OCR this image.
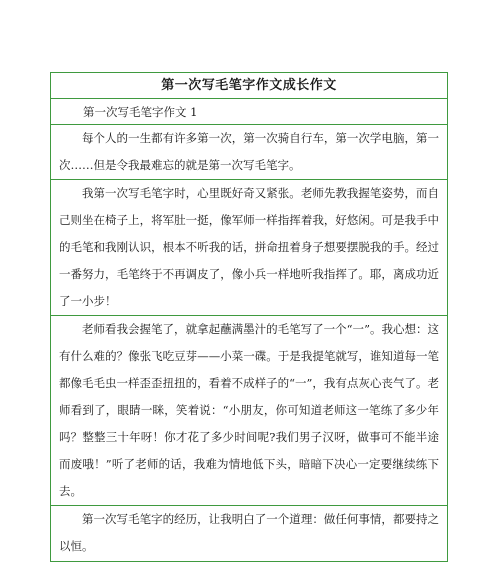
第一次写毛笔字作文成长作文
第一次写毛笔字作文 1
每个人的一生都有许多第一次，第一次骑自行车，第一次学电脑，第一次……但是令我最难忘的就是第一次写毛笔字。
我第一次写毛笔字时，心里既好奇又紧张。老师先教我握笔姿势，而自己则坐在椅子上，将军肚一挺，像军师一样指挥着我，好悠闲。可是我手中的毛笔和我刚认识，根本不听我的话，拼命扭着身子想要摆脱我的手。经过一番努力，毛笔终于不再调皮了，像小兵一样地听我指挥了。耶，离成功近了一小步！
老师看我会握笔了，就拿起蘸满墨汁的毛笔写了一个“一”。我心想：这有什么难的？像张飞吃豆芽——小菜一碟。于是我提笔就写，谁知道每一笔都像毛毛虫一样歪歪扭扭的，看着不成样子的“一”，我有点灰心丧气了。老师看到了，眼睛一眯，笑着说：“小朋友，你可知道老师这一笔练了多少年吗？整整三十年呀！你才花了多少时间呢?我们男子汉呀，做事可不能半途而废哦！”听了老师的话，我难为情地低下头，暗暗下决心一定要继续练下去。
第一次写毛笔字的经历，让我明白了一个道理：做任何事情，都要持之以恒。
